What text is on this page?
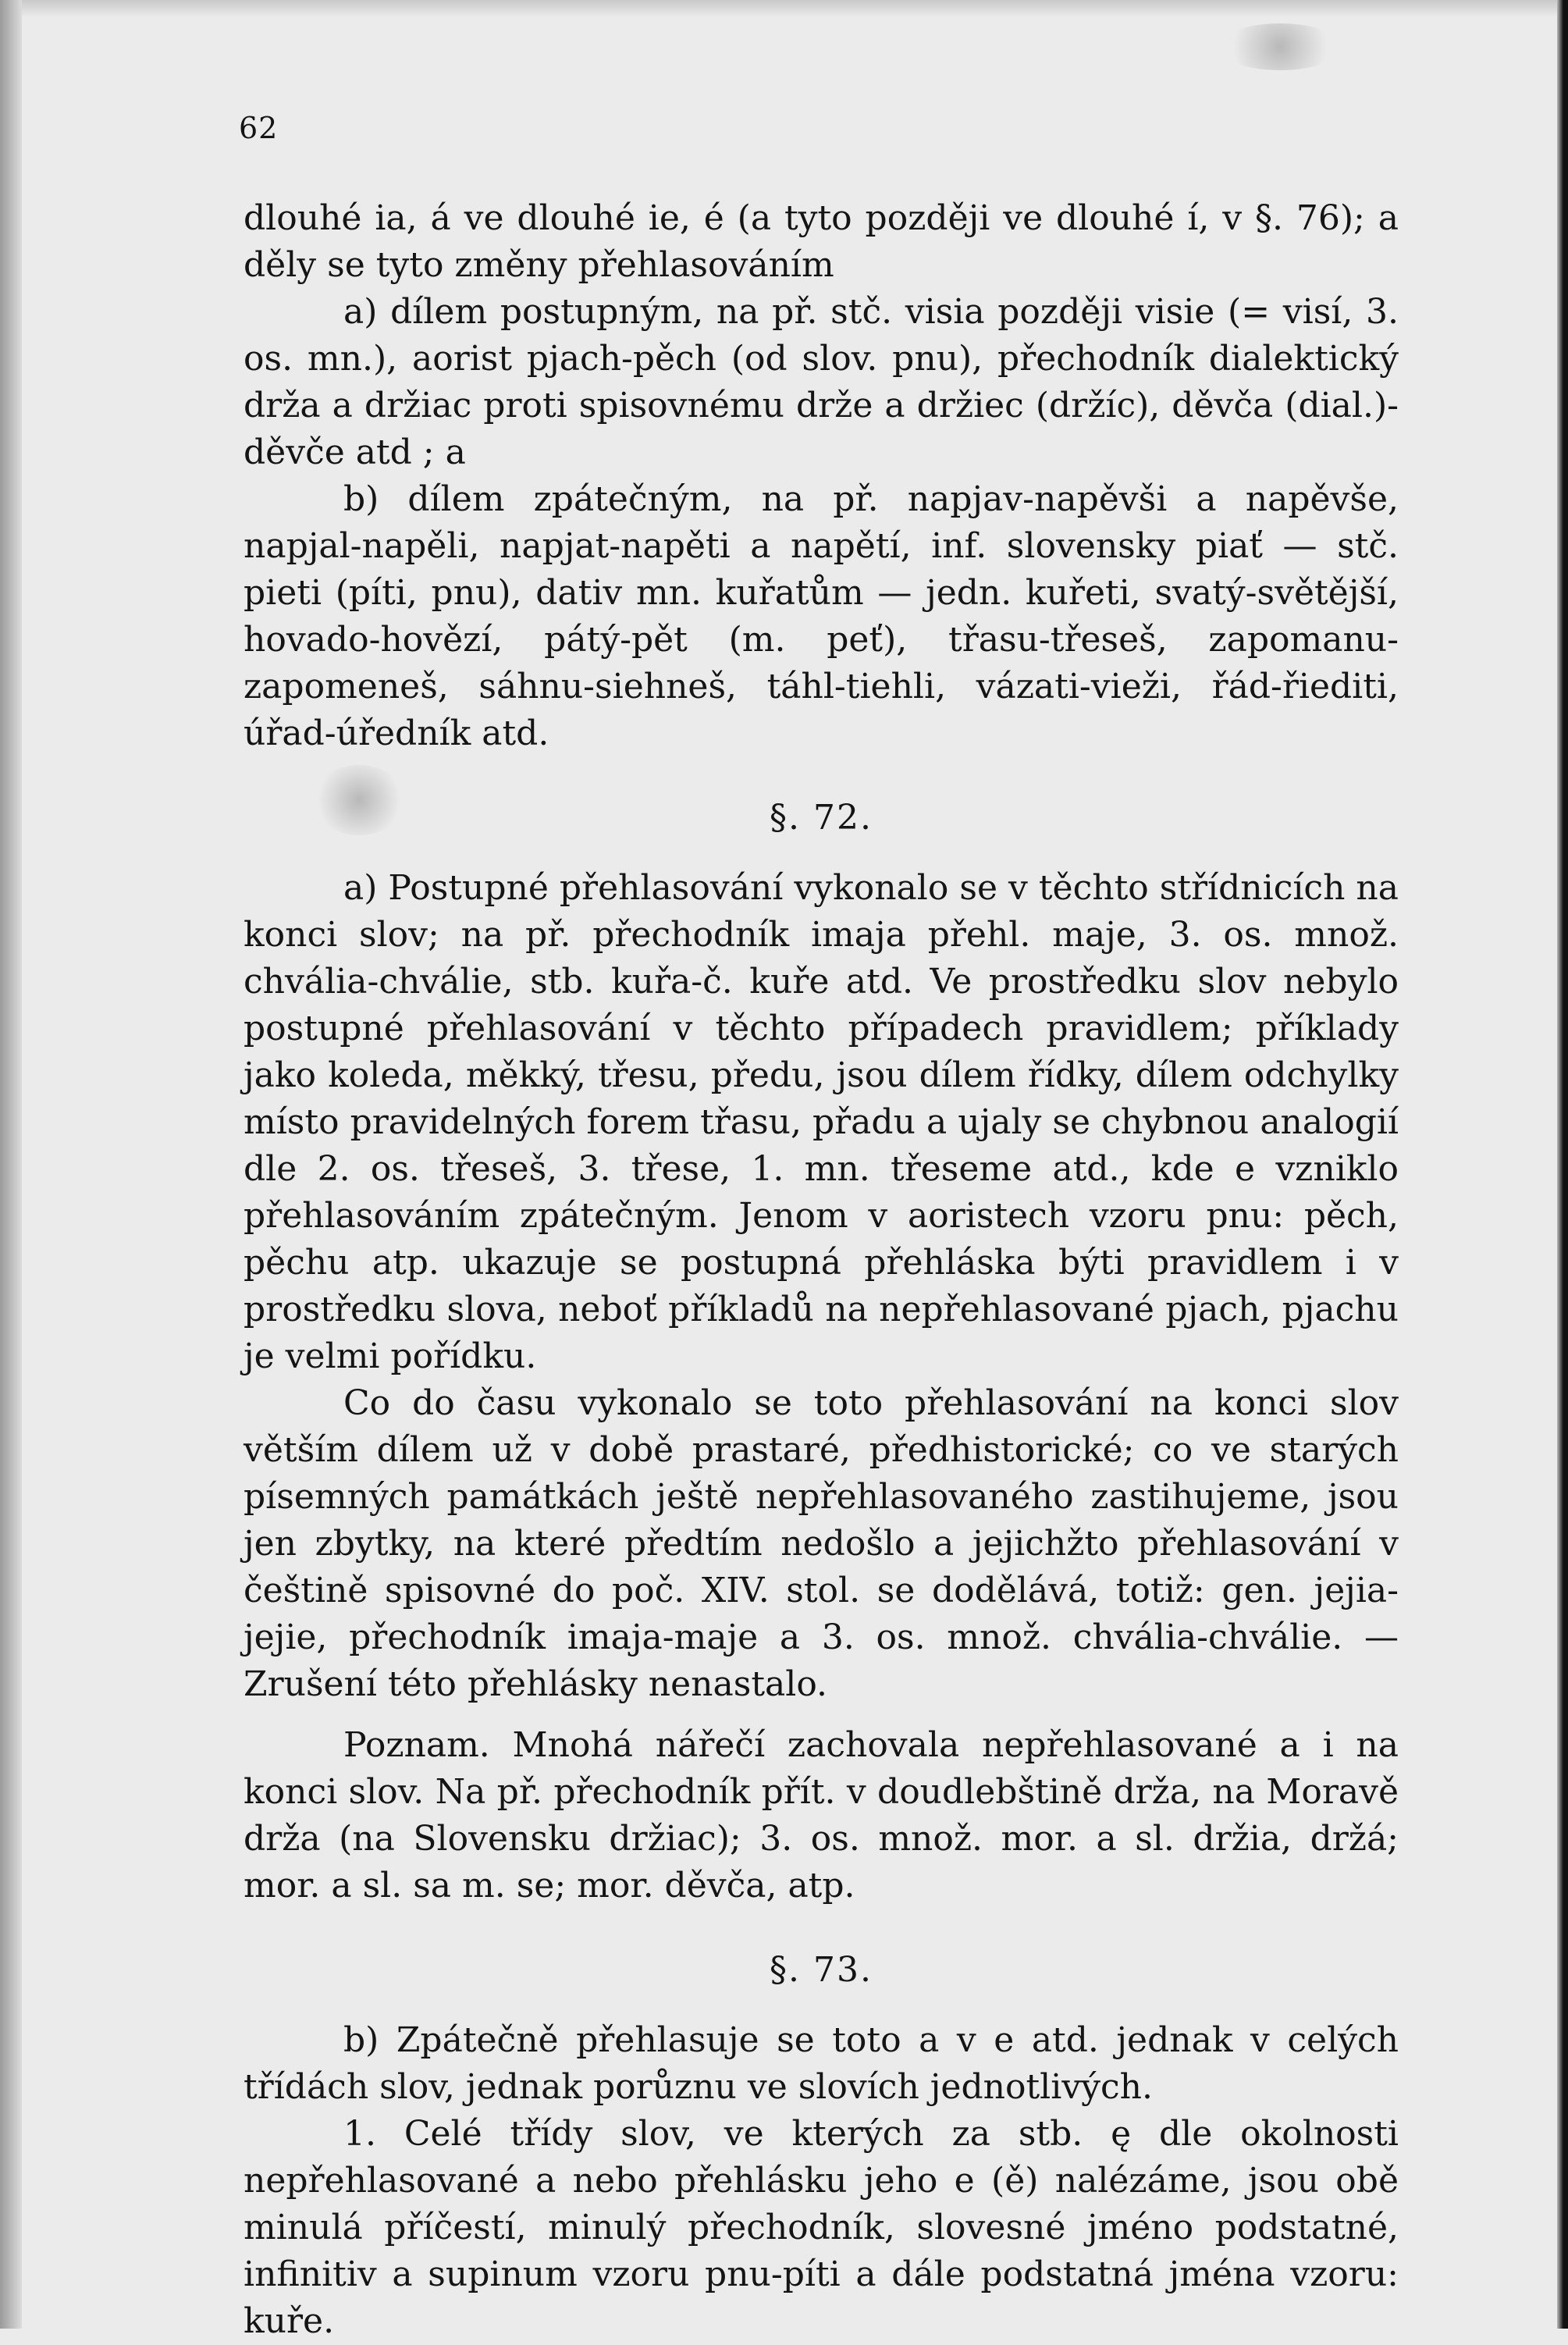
62

dlouhé ia, á ve dlouhé ie, é (a tyto později ve dlouhé í, v §. 76); a děly se tyto změny přehlasováním

a) dílem postupným, na př. stč. visia později visie (= visí, 3. os. mn.), aorist pjach-pěch (od slov. pnu), přechodník dialektický drža a držiac proti spisovnému drže a držiec (držíc), děvča (dial.)-děvče atd ; a

b) dílem zpátečným, na př. napjav-napěvši a napěvše, napjal-napěli, napjat-napěti a napětí, inf. slovensky piať — stč. pieti (píti, pnu), dativ mn. kuřatům — jedn. kuřeti, svatý-světější, hovado-hovězí, pátý-pět (m. peť), třasu-třeseš, zapomanu-zapomeneš, sáhnu-siehneš, táhl-tiehli, vázati-vieži, řád-řiediti, úřad-úředník atd.

§. 72.

a) Postupné přehlasování vykonalo se v těchto střídnicích na konci slov; na př. přechodník imaja přehl. maje, 3. os. množ. chvália-chválie, stb. kuřa-č. kuře atd. Ve prostředku slov nebylo postupné přehlasování v těchto případech pravidlem; příklady jako koleda, měkký, třesu, předu, jsou dílem řídky, dílem odchylky místo pravidelných forem třasu, přadu a ujaly se chybnou analogií dle 2. os. třeseš, 3. třese, 1. mn. třeseme atd., kde e vzniklo přehlasováním zpátečným. Jenom v aoristech vzoru pnu: pěch, pěchu atp. ukazuje se postupná přehláska býti pravidlem i v prostředku slova, neboť příkladů na nepřehlasované pjach, pjachu je velmi pořídku.

Co do času vykonalo se toto přehlasování na konci slov větším dílem už v době prastaré, předhistorické; co ve starých písemných památkách ještě nepřehlasovaného zastihujeme, jsou jen zbytky, na které předtím nedošlo a jejichžto přehlasování v češtině spisovné do poč. XIV. stol. se dodělává, totiž: gen. jejia-jejie, přechodník imaja-maje a 3. os. množ. chvália-chválie. — Zrušení této přehlásky nenastalo.

Poznam. Mnohá nářečí zachovala nepřehlasované a i na konci slov. Na př. přechodník přít. v doudlebštině drža, na Moravě drža (na Slovensku držiac); 3. os. množ. mor. a sl. držia, držá; mor. a sl. sa m. se; mor. děvča, atp.

§. 73.

b) Zpátečně přehlasuje se toto a v e atd. jednak v celých třídách slov, jednak porůznu ve slovích jednotlivých.

1. Celé třídy slov, ve kterých za stb. ę dle okolnosti nepřehlasované a nebo přehlásku jeho e (ě) nalézáme, jsou obě minulá příčestí, minulý přechodník, slovesné jméno podstatné, infinitiv a supinum vzoru pnu-píti a dále podstatná jména vzoru: kuře.
